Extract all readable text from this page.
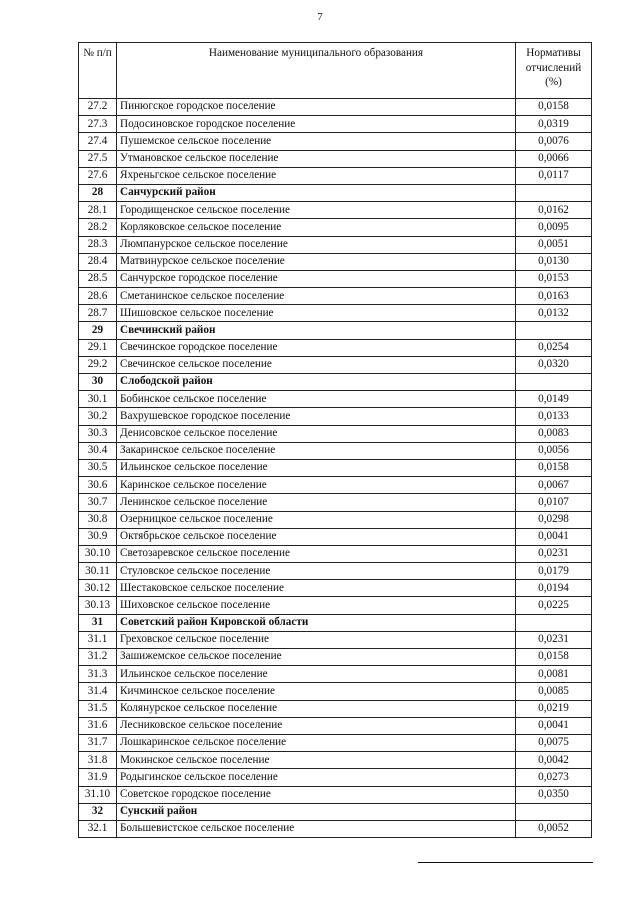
7
№ п/п	Наименование муниципального образования	Нормативы отчислений (%)
27.2	Пинюгское городское поселение	0,0158
27.3	Подосиновское городское поселение	0,0319
27.4	Пушемское сельское поселение	0,0076
27.5	Утмановское сельское поселение	0,0066
27.6	Яхреньгское сельское поселение	0,0117
28	Санчурский район	
28.1	Городищенское сельское поселение	0,0162
28.2	Корляковское сельское поселение	0,0095
28.3	Люмпанурское сельское поселение	0,0051
28.4	Матвинурское сельское поселение	0,0130
28.5	Санчурское городское поселение	0,0153
28.6	Сметанинское сельское поселение	0,0163
28.7	Шишовское сельское поселение	0,0132
29	Свечинский район	
29.1	Свечинское городское поселение	0,0254
29.2	Свечинское сельское поселение	0,0320
30	Слободской район	
30.1	Бобинское сельское поселение	0,0149
30.2	Вахрушевское городское поселение	0,0133
30.3	Денисовское сельское поселение	0,0083
30.4	Закаринское сельское поселение	0,0056
30.5	Ильинское сельское поселение	0,0158
30.6	Каринское сельское поселение	0,0067
30.7	Ленинское сельское поселение	0,0107
30.8	Озерницкое сельское поселение	0,0298
30.9	Октябрьское сельское поселение	0,0041
30.10	Светозаревское сельское поселение	0,0231
30.11	Стуловское сельское поселение	0,0179
30.12	Шестаковское сельское поселение	0,0194
30.13	Шиховское сельское поселение	0,0225
31	Советский район Кировской области	
31.1	Греховское сельское поселение	0,0231
31.2	Зашижемское сельское поселение	0,0158
31.3	Ильинское сельское поселение	0,0081
31.4	Кичминское сельское поселение	0,0085
31.5	Колянурское сельское поселение	0,0219
31.6	Лесниковское сельское поселение	0,0041
31.7	Лошкаринское сельское поселение	0,0075
31.8	Мокинское сельское поселение	0,0042
31.9	Родыгинское сельское поселение	0,0273
31.10	Советское городское поселение	0,0350
32	Сунский район	
32.1	Большевистское сельское поселение	0,0052
